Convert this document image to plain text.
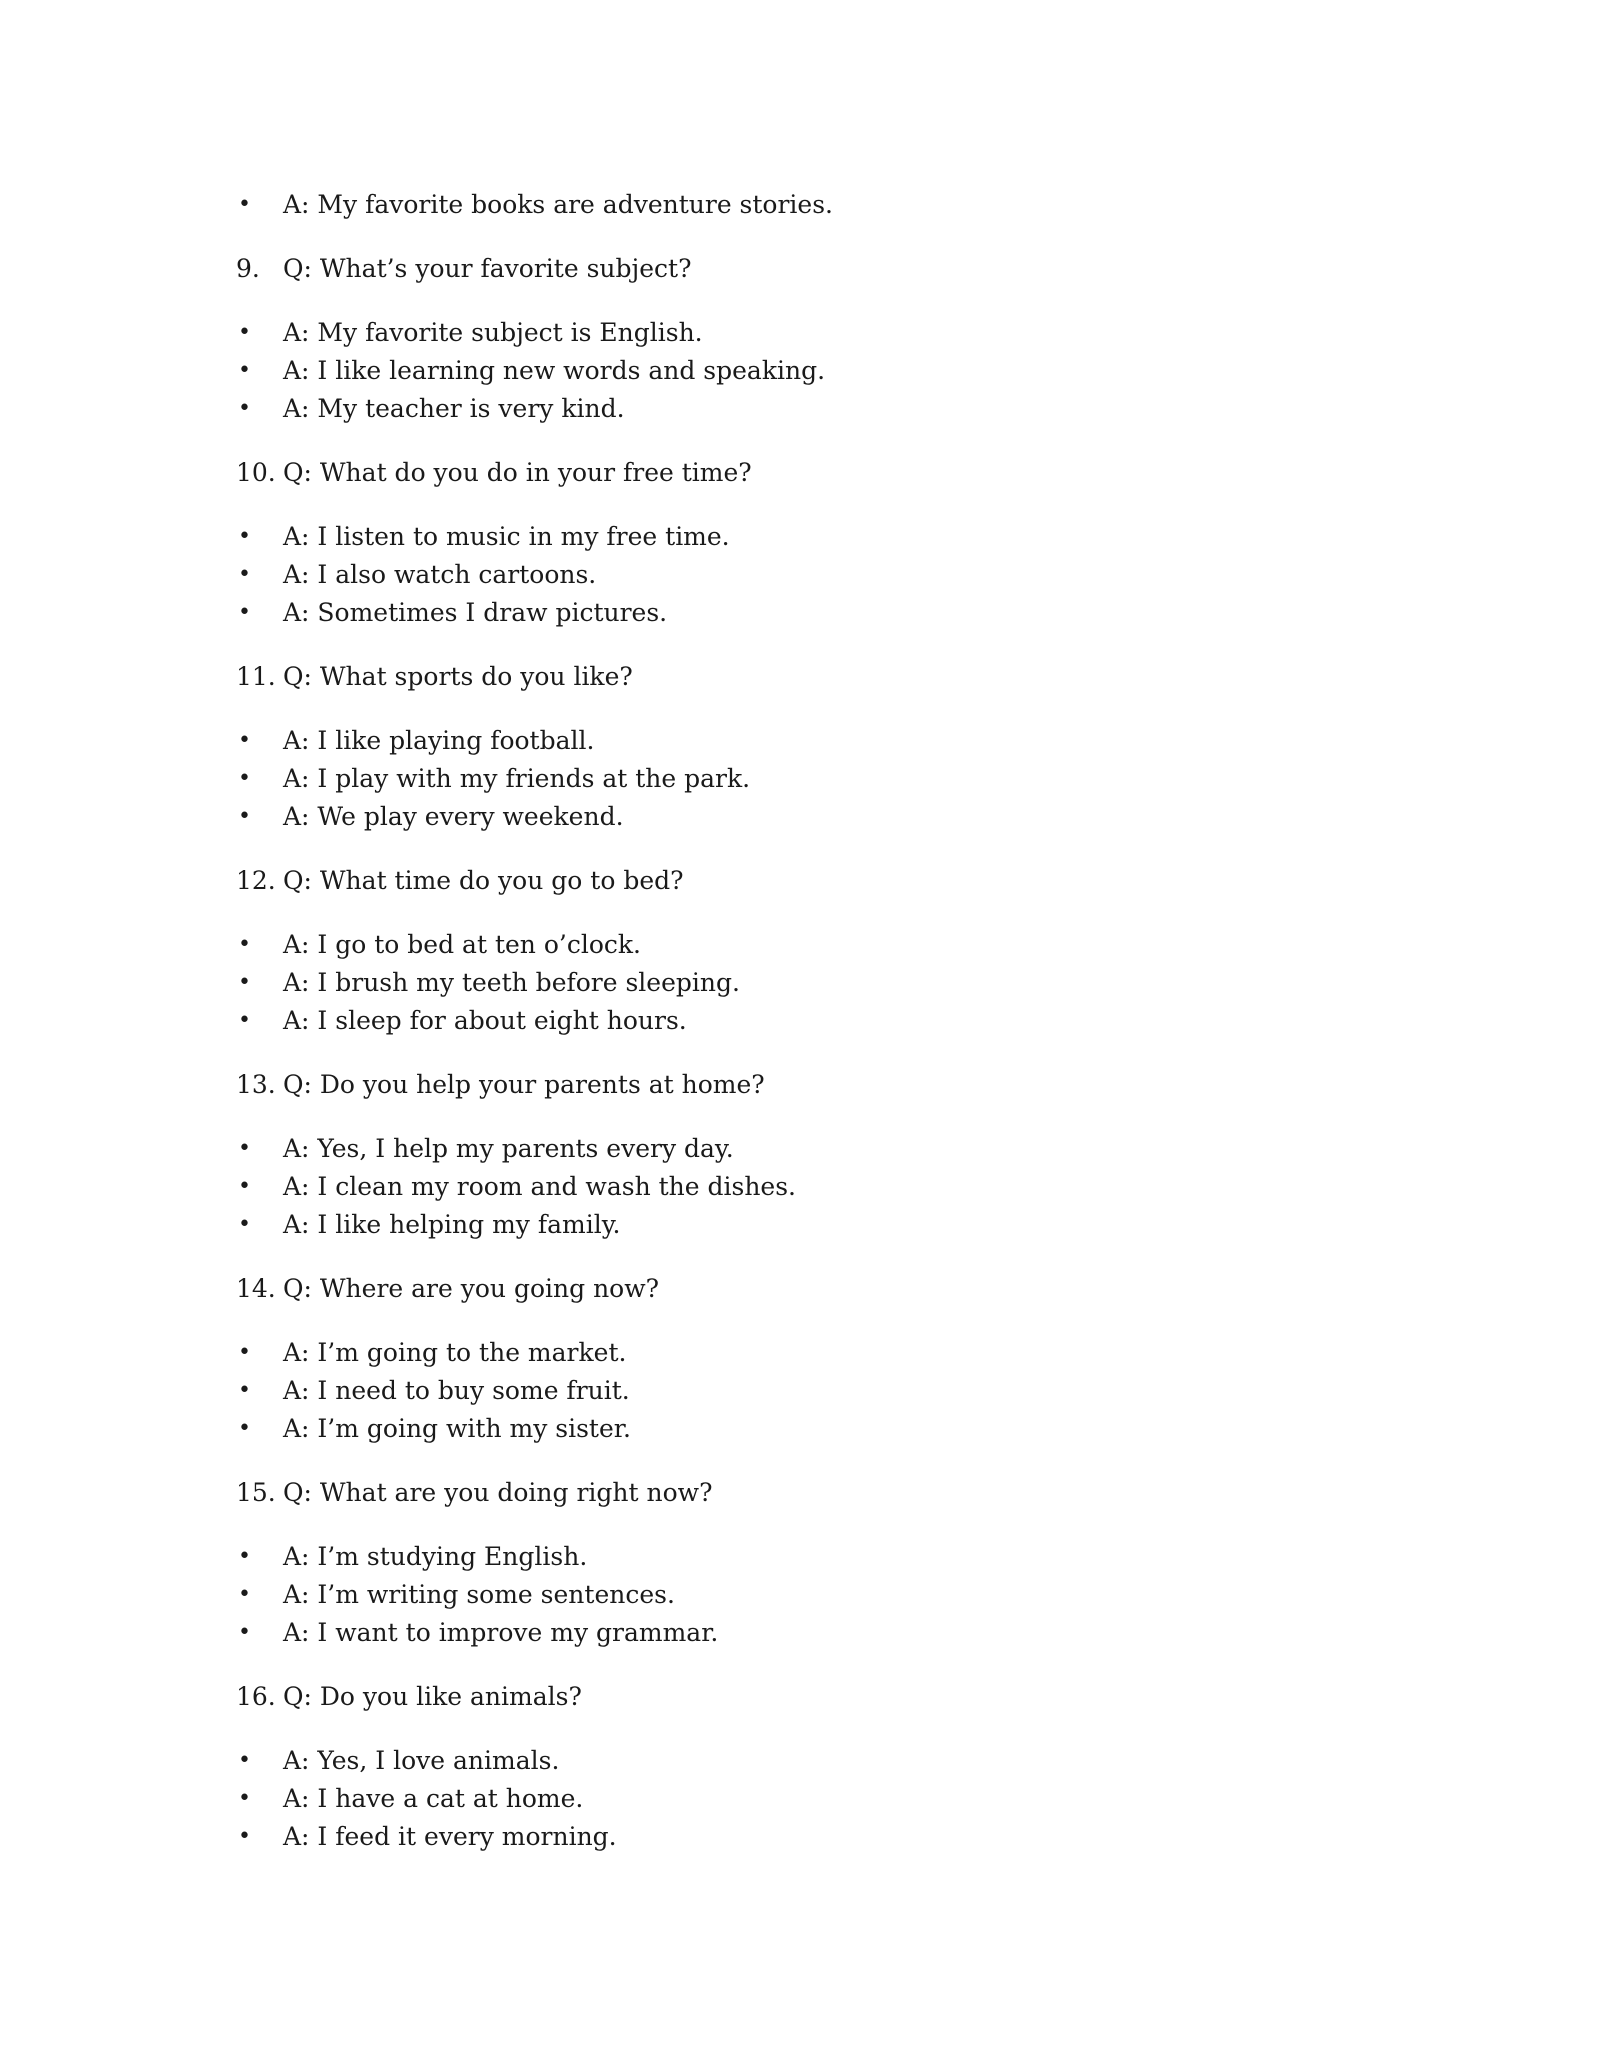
•	A: My favorite books are adventure stories.
9. Q: What’s your favorite subject?
•	A: My favorite subject is English.
•	A: I like learning new words and speaking.
•	A: My teacher is very kind.
10. Q: What do you do in your free time?
•	A: I listen to music in my free time.
•	A: I also watch cartoons.
•	A: Sometimes I draw pictures.
11. Q: What sports do you like?
•	A: I like playing football.
•	A: I play with my friends at the park.
•	A: We play every weekend.
12. Q: What time do you go to bed?
•	A: I go to bed at ten o’clock.
•	A: I brush my teeth before sleeping.
•	A: I sleep for about eight hours.
13. Q: Do you help your parents at home?
•	A: Yes, I help my parents every day.
•	A: I clean my room and wash the dishes.
•	A: I like helping my family.
14. Q: Where are you going now?
•	A: I’m going to the market.
•	A: I need to buy some fruit.
•	A: I’m going with my sister.
15. Q: What are you doing right now?
•	A: I’m studying English.
•	A: I’m writing some sentences.
•	A: I want to improve my grammar.
16. Q: Do you like animals?
•	A: Yes, I love animals.
•	A: I have a cat at home.
•	A: I feed it every morning.
